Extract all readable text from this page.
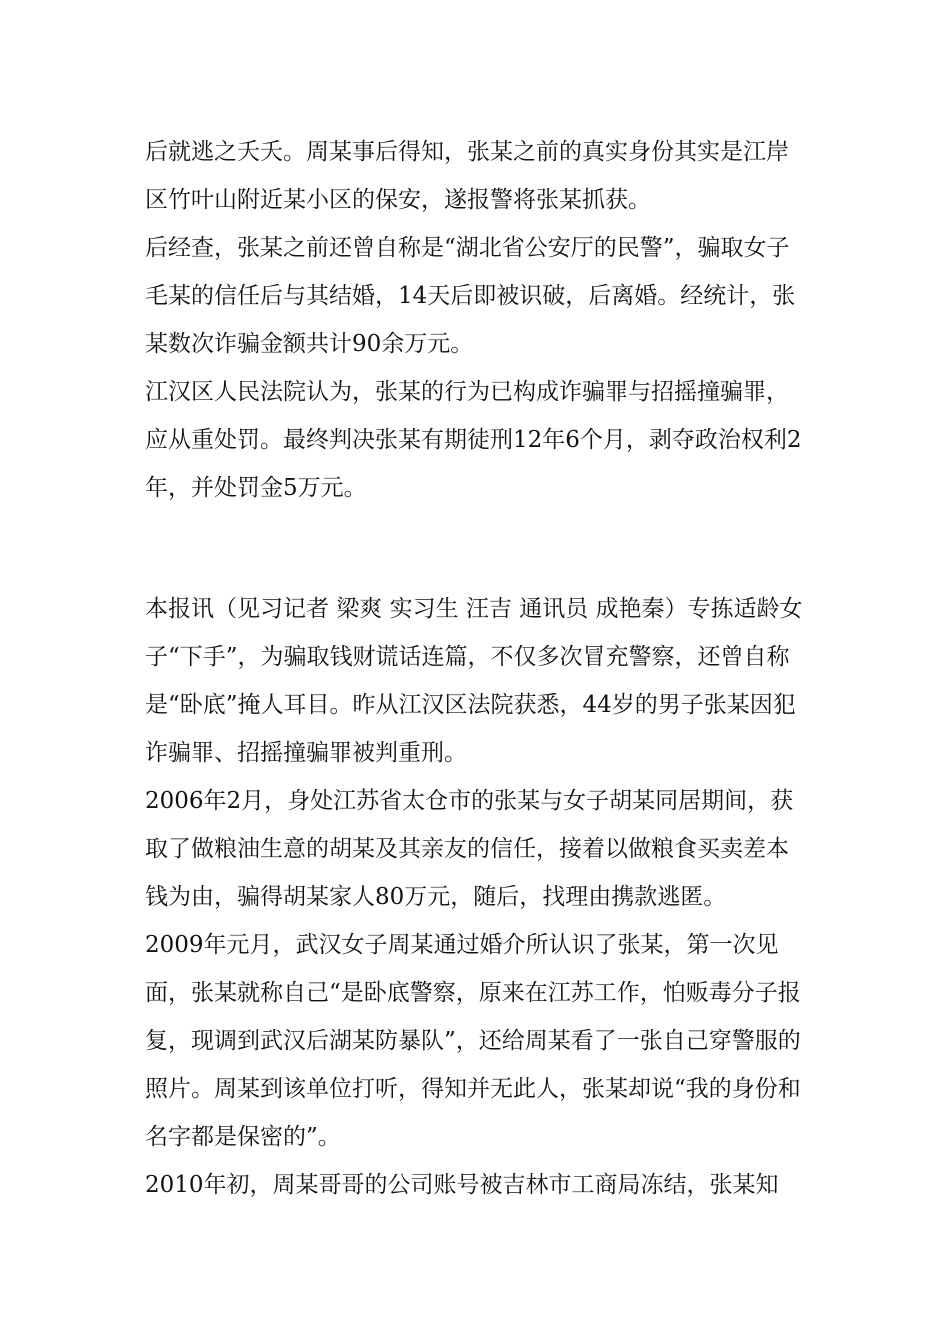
后就逃之夭夭。周某事后得知，张某之前的真实身份其实是江岸区竹叶山附近某小区的保安，遂报警将张某抓获。

后经查，张某之前还曾自称是“湖北省公安厅的民警”，骗取女子毛某的信任后与其结婚，14天后即被识破，后离婚。经统计，张某数次诈骗金额共计90余万元。

江汉区人民法院认为，张某的行为已构成诈骗罪与招摇撞骗罪，应从重处罚。最终判决张某有期徒刑12年6个月，剥夺政治权利2年，并处罚金5万元。

本报讯（见习记者 梁爽 实习生 汪吉 通讯员 成艳秦）专拣适龄女子“下手”，为骗取钱财谎话连篇，不仅多次冒充警察，还曾自称是“卧底”掩人耳目。昨从江汉区法院获悉，44岁的男子张某因犯诈骗罪、招摇撞骗罪被判重刑。

2006年2月，身处江苏省太仓市的张某与女子胡某同居期间，获取了做粮油生意的胡某及其亲友的信任，接着以做粮食买卖差本钱为由，骗得胡某家人80万元，随后，找理由携款逃匿。

2009年元月，武汉女子周某通过婚介所认识了张某，第一次见面，张某就称自己“是卧底警察，原来在江苏工作，怕贩毒分子报复，现调到武汉后湖某防暴队”，还给周某看了一张自己穿警服的照片。周某到该单位打听，得知并无此人，张某却说“我的身份和名字都是保密的”。

2010年初，周某哥哥的公司账号被吉林市工商局冻结，张某知
